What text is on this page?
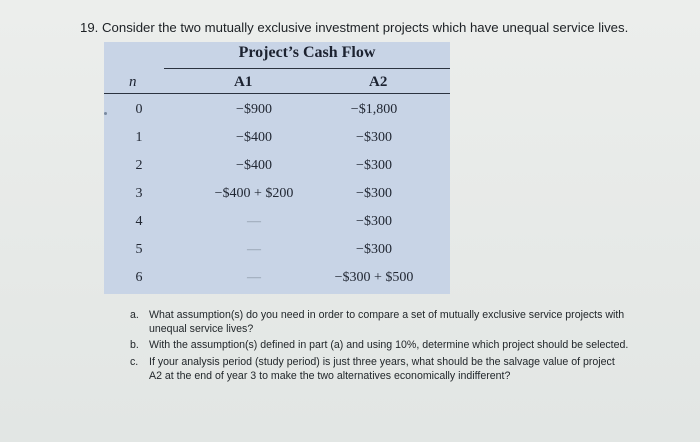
19. Consider the two mutually exclusive investment projects which have unequal service lives.
Project’s Cash Flow
n	A1	A2
0	−$900	−$1,800
1	−$400	−$300
2	−$400	−$300
3	−$400 + $200	−$300
4	—	−$300
5	—	−$300
6	—	−$300 + $500
a. What assumption(s) do you need in order to compare a set of mutually exclusive service projects with unequal service lives?
b. With the assumption(s) defined in part (a) and using 10%, determine which project should be selected.
c.	If your analysis period (study period) is just three years, what should be the salvage value of project A2 at the end of year 3 to make the two alternatives economically indifferent?
